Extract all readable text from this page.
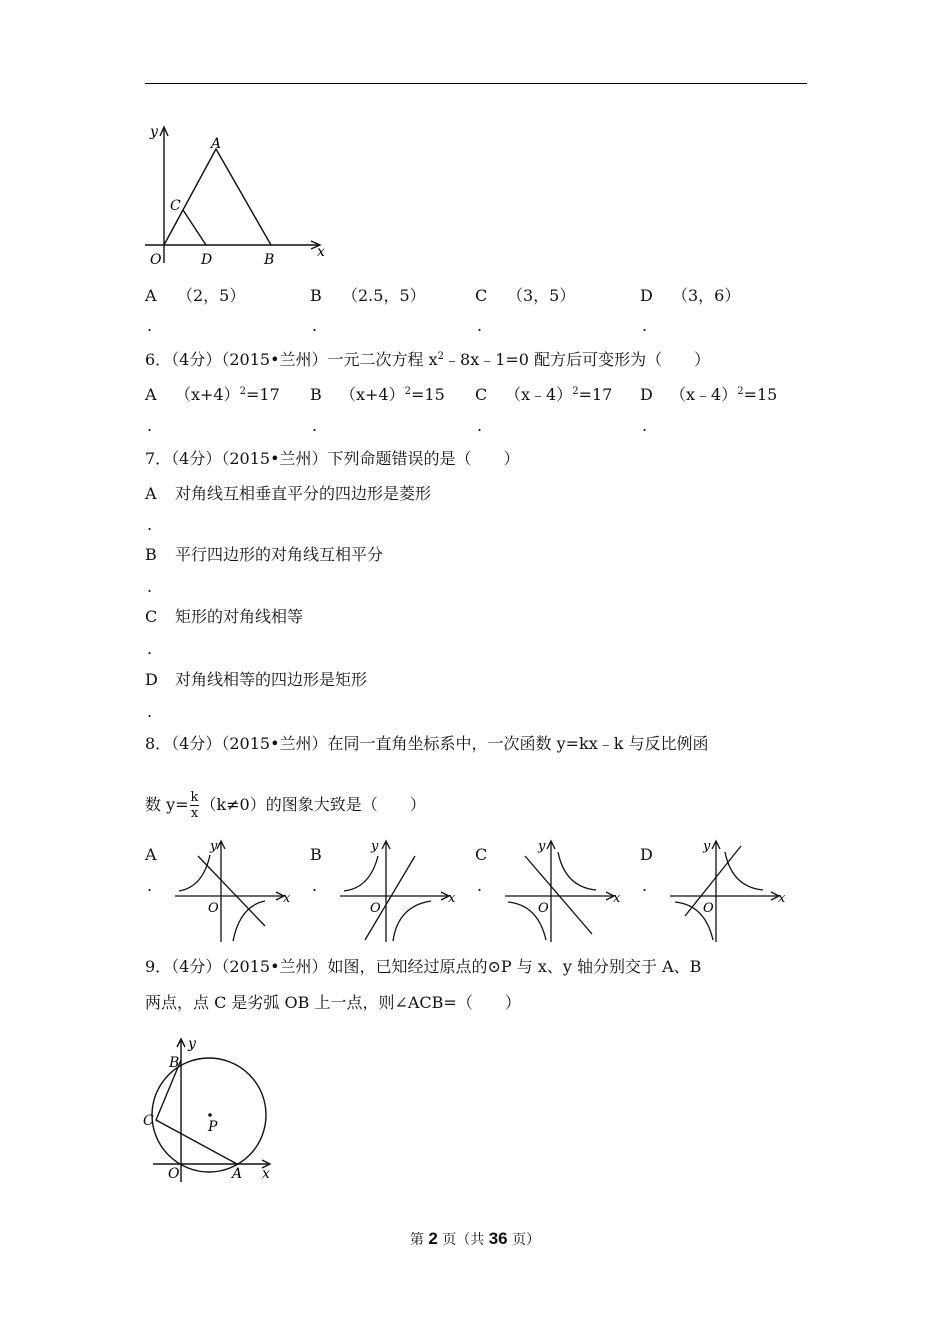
y
A
C
O	D	B	x
A （2，5）	B （2.5，5）	C （3，5）	D （3，6）
.	.	.	.
6．（4分）（2015•兰州）一元二次方程 $x^2﹣8x﹣1=0$ 配方后可变形为（　　）
A $(x+4)^2=17$ B $(x+4)^2=15$ C （x﹣4）$^2$=17 D （x﹣4）$^2$=15
.	.	.	.
7．（4分）（2015•兰州）下列命题错误的是（　　）
A 对角线互相垂直平分的四边形是菱形
.
B 平行四边形的对角线互相平分
.
C 矩形的对角线相等
.
D 对角线相等的四边形是矩形
.
8．（4分）（2015•兰州）在同一直角坐标系中，一次函数 y=kx﹣k 与反比例函
数 $y= \frac{k}{x} (k\ne 0)$的图象大致是（　　）
A
.
B
.
C
.
D
.
y
O
x
y
O
x
y
O
x
y
O
x
9．（4分）（2015•兰州）如图，已知经过原点的⊙P 与 x、y 轴分别交于 A、B
两点，点 C 是劣弧 OB 上一点，则∠ACB=（　　）
y
B
C	P
O	A x
第 2 页（共 36 页）
